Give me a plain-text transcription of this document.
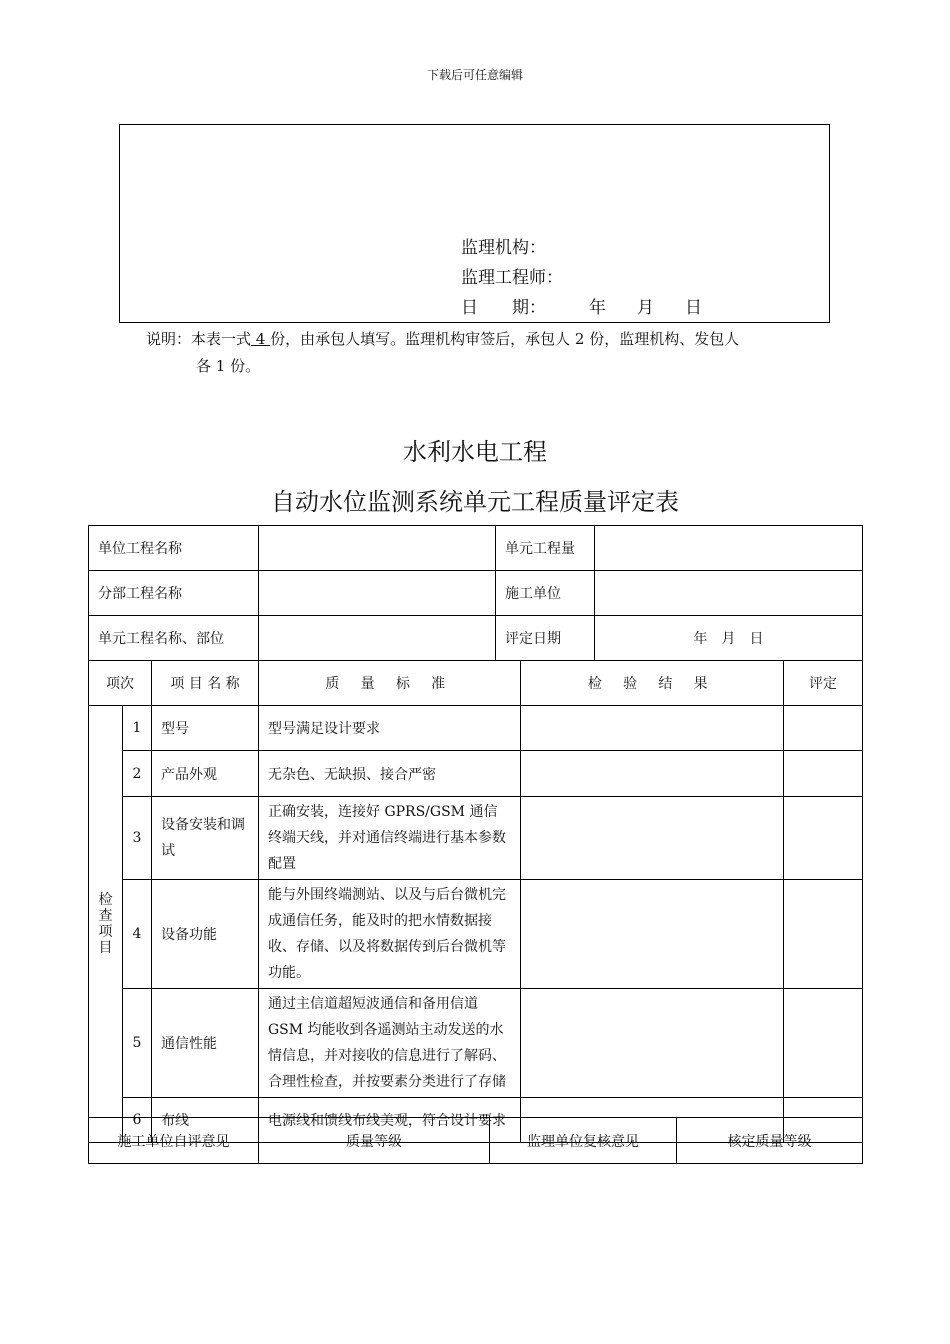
下载后可任意编辑
监理机构：
监理工程师：
日　　期：	年	月	日
说明：本表一式 4 份，由承包人填写。监理机构审签后，承包人 2 份，监理机构、发包人
各 1 份。
水利水电工程
自动水位监测系统单元工程质量评定表
单位工程名称		单元工程量	
分部工程名称		施工单位	
单元工程名称、部位		评定日期	年　月　日
项次		项 目 名 称	质 量 标 准	检 验 结 果	评定

检查项目	1	型号	型号满足设计要求		
	2	产品外观	无杂色、无缺损、接合严密		
	3	设备安装和调试	正确安装，连接好 GPRS/GSM 通信终端天线，并对通信终端进行基本参数配置		
	4	设备功能	能与外围终端测站、以及与后台微机完成通信任务，能及时的把水情数据接收、存储、以及将数据传到后台微机等功能。		
	5	通信性能	通过主信道超短波通信和备用信道 GSM 均能收到各遥测站主动发送的水情信息，并对接收的信息进行了解码、合理性检查，并按要素分类进行了存储		
	6	布线	电源线和馈线布线美观，符合设计要求		
施工单位自评意见	质量等级	监理单位复核意见	核定质量等级
